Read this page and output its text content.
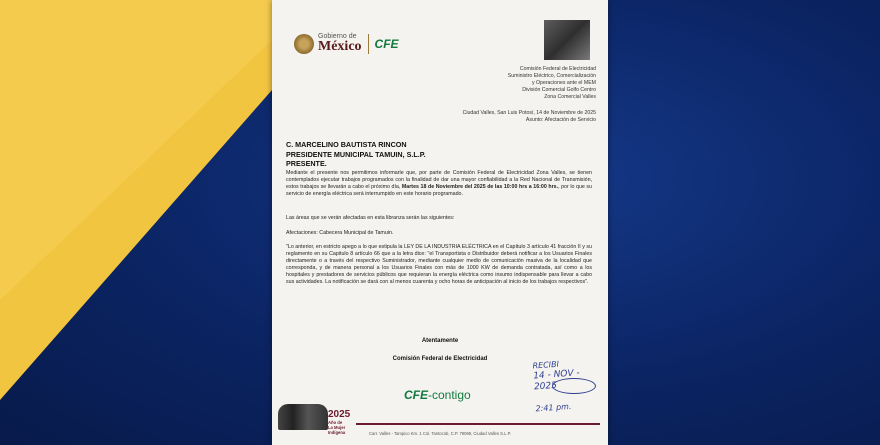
Gobierno de
México CFE
Comisión Federal de Electricidad
Suministro Eléctrico, Comercialización
y Operaciones ante el MEM
División Comercial Golfo Centro
Zona Comercial Valles
Ciudad Valles, San Luis Potosí, 14 de Noviembre de 2025
Asunto: Afectación de Servicio
C. MARCELINO BAUTISTA RINCON
PRESIDENTE MUNICIPAL TAMUIN, S.L.P.
PRESENTE.
Mediante el presente nos permitimos informarle que, por parte de Comisión Federal de Electricidad Zona Valles, se tienen contemplados ejecutar trabajos programados con la finalidad de dar una mayor confiabilidad a la Red Nacional de Transmisión, estos trabajos se llevarán a cabo el próximo día, Martes 18 de Noviembre del 2025 de las 10:00 hrs a 16:00 hrs., por lo que su servicio de energía eléctrica será interrumpido en este horario programado.
Las áreas que se verán afectadas en esta libranza serán las siguientes:
Afectaciones: Cabecera Municipal de Tamuin.
"Lo anterior, en estricto apego a lo que estipula la LEY DE LA INDUSTRIA ELÉCTRICA en el Capítulo 3 artículo 41 fracción II y su reglamento en su Capitulo 8 artículo 66 que a la letra dice: "el Transportista o Distribuidor deberá notificar a los Usuarios Finales directamente o a través del respectivo Suministrador, mediante cualquier medio de comunicación masiva de la localidad que corresponda, y de manera personal a los Usuarios Finales con más de 1000 KW de demanda contratada, así como a los hospitales y prestadores de servicios públicos que requieran la energía eléctrica como insumo indispensable para llevar a cabo sus actividades. La notificación se dará con al menos cuarenta y ocho horas de anticipación al inicio de los trabajos respectivos".
Atentamente
Comisión Federal de Electricidad
CFE-contigo
RECIBI
14 - NOV - 2025
2:41 pm.
2025
Año de
La Mujer
Indígena	Carr. Valles - Tampico Km. 1 Col. Tantocob, C.P. 79069, Ciudad Valles S.L.P.
